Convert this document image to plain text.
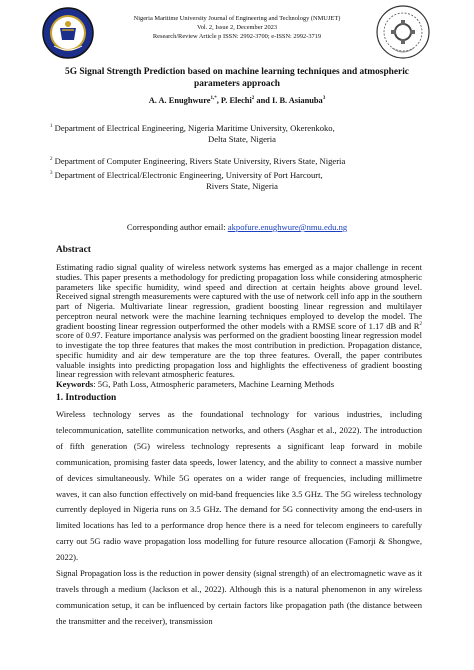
Nigeria Maritime University Journal of Engineering and Technology (NMUJET)
Vol. 2, Issue 2, December 2023
Research/Review Article p ISSN: 2992-3700; e-ISSN: 2992-3719
5G Signal Strength Prediction based on machine learning techniques and atmospheric
parameters approach
A. A. Enughwure$^{1,*}$, P. Elechi$^2$ and I. B. Asianuba$^3$
$^1$ Department of Electrical Engineering, Nigeria Maritime University, Okerenkoko,
Delta State, Nigeria
$^2$ Department of Computer Engineering, Rivers State University, Rivers State, Nigeria
$^3$ Department of Electrical/Electronic Engineering, University of Port Harcourt,
Rivers State, Nigeria
Corresponding author email: akpofure.enughwure@nmu.edu.ng
Abstract
Estimating radio signal quality of wireless network systems has emerged as a major challenge in recent studies. This paper presents a methodology for predicting propagation loss while considering atmospheric parameters like specific humidity, wind speed and direction at certain heights above ground level. Received signal strength measurements were captured with the use of network cell info app in the southern part of Nigeria. Multivariate linear regression, gradient boosting linear regression and multilayer perceptron neural network were the machine learning techniques employed to develop the model. The gradient boosting linear regression outperformed the other models with a RMSE score of 1.17 dB and $R^2$ score of 0.97. Feature importance analysis was performed on the gradient boosting linear regression model to investigate the top three features that makes the most contribution in prediction. Propagation distance, specific humidity and air dew temperature are the top three features. Overall, the paper contributes valuable insights into predicting propagation loss and highlights the effectiveness of gradient boosting linear regression with relevant atmospheric features.
Keywords: 5G, Path Loss, Atmospheric parameters, Machine Learning Methods
1. Introduction

Wireless technology serves as the foundational technology for various industries, including telecommunication, satellite communication networks, and others (Asghar et al., 2022). The introduction of fifth generation (5G) wireless technology represents a significant leap forward in mobile communication, promising faster data speeds, lower latency, and the ability to connect a massive number of devices simultaneously. While 5G operates on a wider range of frequencies, including millimetre waves, it can also function effectively on mid-band frequencies like 3.5 GHz. The 5G wireless technology currently deployed in Nigeria runs on 3.5 GHz. The demand for 5G connectivity among the end-users in limited locations has led to a performance drop hence there is a need for telecom engineers to carefully carry out 5G radio wave propagation loss modelling for future resource allocation (Famorji & Shongwe, 2022).

Signal Propagation loss is the reduction in power density (signal strength) of an electromagnetic wave as it travels through a medium (Jackson et al., 2022). Although this is a natural phenomenon in any wireless communication setup, it can be influenced by certain factors like propagation path (the distance between the transmitter and the receiver), transmission
